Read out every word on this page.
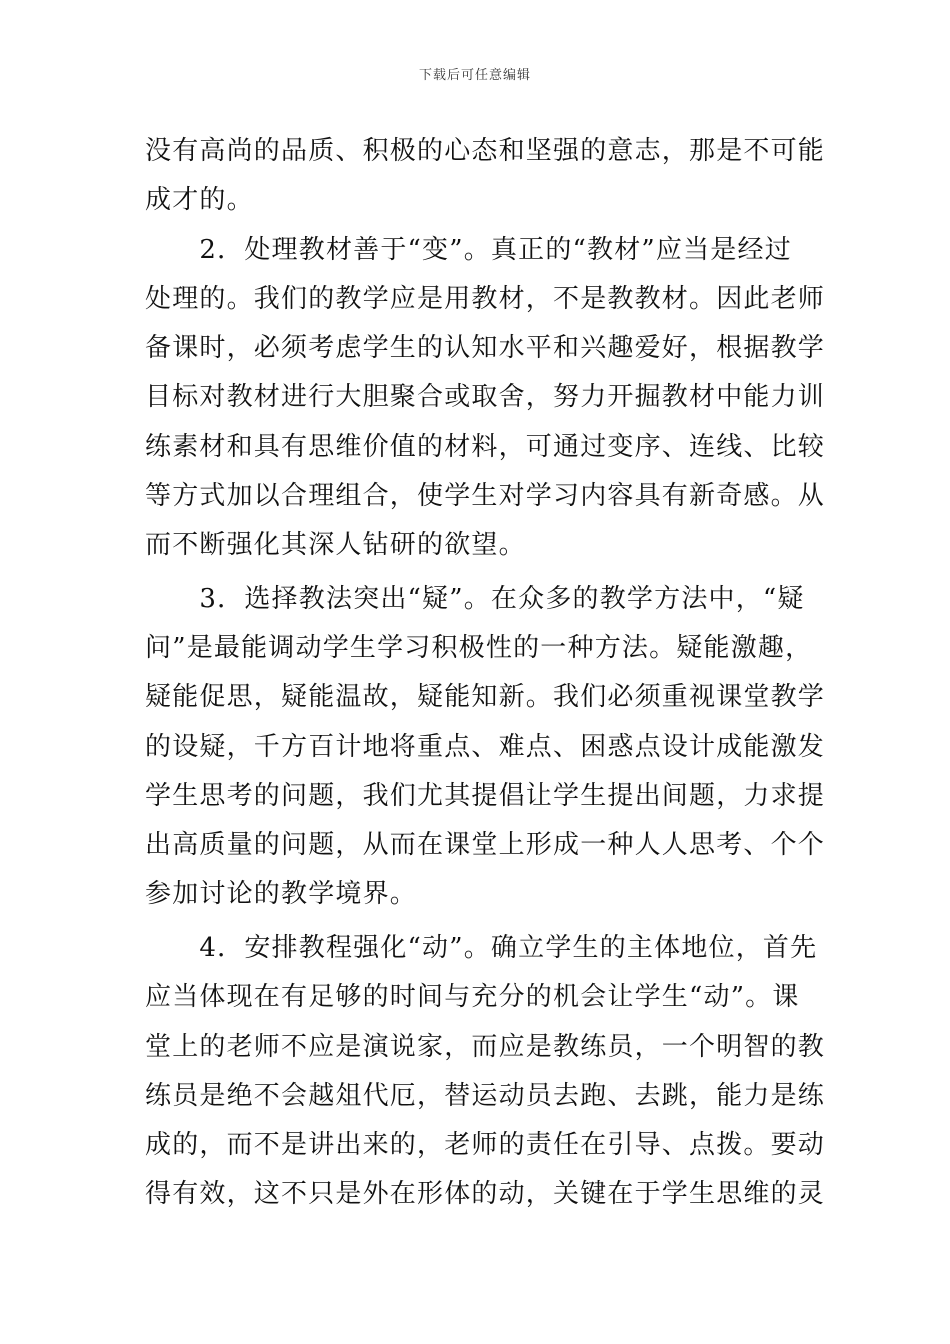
下载后可任意编辑
没有高尚的品质、积极的心态和坚强的意志，那是不可能
成才的。
　　2．处理教材善于“变”。真正的“教材”应当是经过
处理的。我们的教学应是用教材，不是教教材。因此老师
备课时，必须考虑学生的认知水平和兴趣爱好，根据教学
目标对教材进行大胆聚合或取舍，努力开掘教材中能力训
练素材和具有思维价值的材料，可通过变序、连线、比较
等方式加以合理组合，使学生对学习内容具有新奇感。从
而不断强化其深人钻研的欲望。
　　3．选择教法突出“疑”。在众多的教学方法中，“疑
问”是最能调动学生学习积极性的一种方法。疑能激趣，
疑能促思，疑能温故，疑能知新。我们必须重视课堂教学
的设疑，千方百计地将重点、难点、困惑点设计成能激发
学生思考的问题，我们尤其提倡让学生提出间题，力求提
出高质量的问题，从而在课堂上形成一种人人思考、个个
参加讨论的教学境界。
　　4．安排教程强化“动”。确立学生的主体地位，首先
应当体现在有足够的时间与充分的机会让学生“动”。课
堂上的老师不应是演说家，而应是教练员，一个明智的教
练员是绝不会越俎代厄，替运动员去跑、去跳，能力是练
成的，而不是讲出来的，老师的责任在引导、点拨。要动
得有效，这不只是外在形体的动，关键在于学生思维的灵
